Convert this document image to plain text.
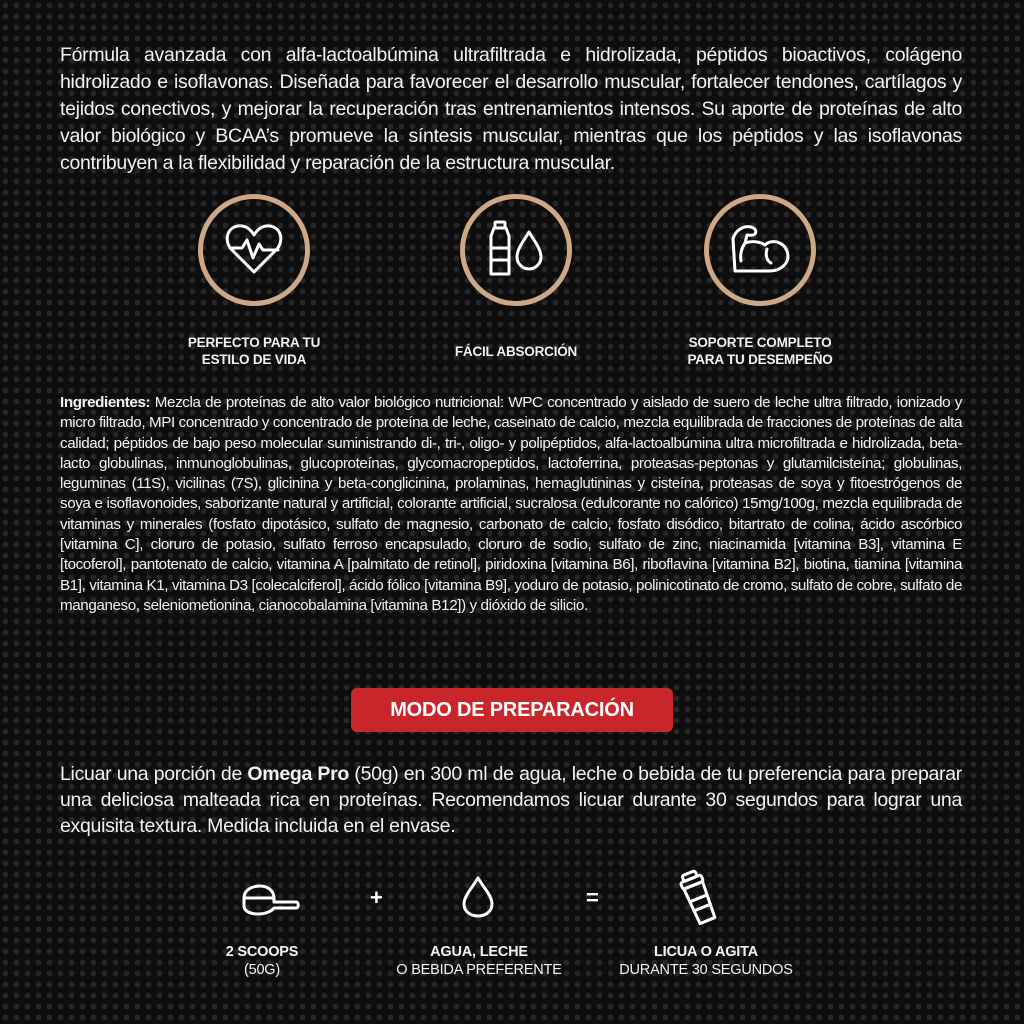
Fórmula avanzada con alfa-lactoalbúmina ultrafiltrada e hidrolizada, péptidos bioactivos, colágeno hidrolizado e isoflavonas. Diseñada para favorecer el desarrollo muscular, fortalecer tendones, cartílagos y tejidos conectivos, y mejorar la recuperación tras entrenamientos intensos. Su aporte de proteínas de alto valor biológico y BCAA’s promueve la síntesis muscular, mientras que los péptidos y las isoflavonas contribuyen a la flexibilidad y reparación de la estructura muscular.
PERFECTO PARA TU
ESTILO DE VIDA
FÁCIL ABSORCIÓN
SOPORTE COMPLETO
PARA TU DESEMPEÑO
Ingredientes: Mezcla de proteínas de alto valor biológico nutricional: WPC concentrado y aislado de suero de leche ultra filtrado, ionizado y micro filtrado, MPI concentrado y concentrado de proteína de leche, caseinato de calcio, mezcla equilibrada de fracciones de proteínas de alta calidad; péptidos de bajo peso molecular suministrando di-, tri-, oligo- y polipéptidos, alfa-lactoalbúmina ultra microfiltrada e hidrolizada, beta-lacto globulinas, inmunoglobulinas, glucoproteínas, glycomacropeptidos, lactoferrina, proteasas-peptonas y glutamilcisteína; globulinas, leguminas (11S), vicilinas (7S), glicinina y beta-conglicinina, prolaminas, hemaglutininas y cisteína, proteasas de soya y fitoestrógenos de soya e isoflavonoides, saborizante natural y artificial, colorante artificial, sucralosa (edulcorante no calórico) 15mg/100g, mezcla equilibrada de vitaminas y minerales (fosfato dipotásico, sulfato de magnesio, carbonato de calcio, fosfato disódico, bitartrato de colina, ácido ascórbico [vitamina C], cloruro de potasio, sulfato ferroso encapsulado, cloruro de sodio, sulfato de zinc, niacinamida [vitamina B3], vitamina E [tocoferol], pantotenato de calcio, vitamina A [palmitato de retinol], piridoxina [vitamina B6], riboflavina [vitamina B2], biotina, tiamina [vitamina B1], vitamina K1, vitamina D3 [colecalciferol], ácido fólico [vitamina B9], yoduro de potasio, polinicotinato de cromo, sulfato de cobre, sulfato de manganeso, seleniometionina, cianocobalamina [vitamina B12]) y dióxido de silicio.
MODO DE PREPARACIÓN
Licuar una porción de Omega Pro (50g) en 300 ml de agua, leche o bebida de tu preferencia para preparar una deliciosa malteada rica en proteínas. Recomendamos licuar durante 30 segundos para lograr una exquisita textura. Medida incluida en el envase.
+	=
2 SCOOPS
(50G)
AGUA, LECHE
O BEBIDA PREFERENTE
LICUA O AGITA
DURANTE 30 SEGUNDOS
